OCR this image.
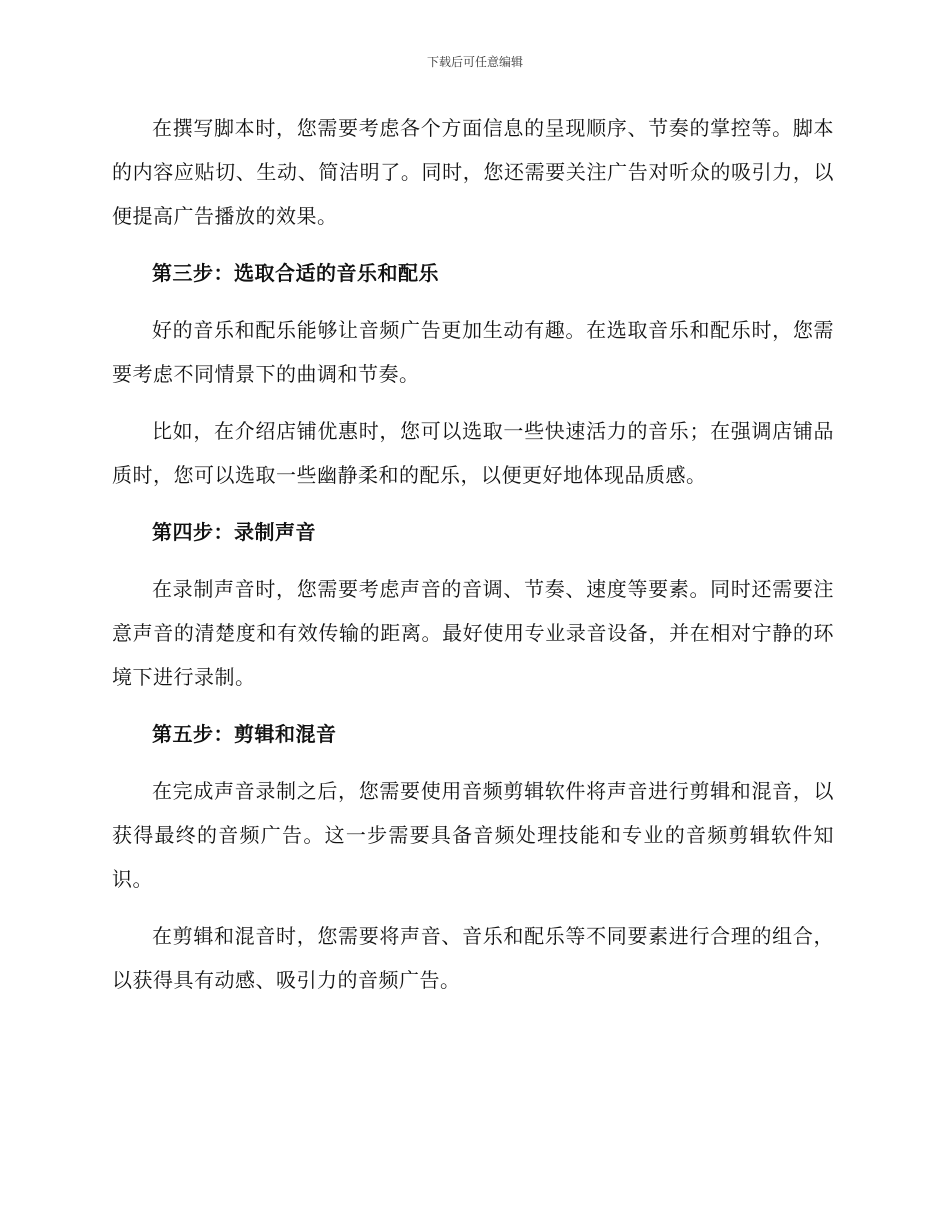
下载后可任意编辑

在撰写脚本时，您需要考虑各个方面信息的呈现顺序、节奏的掌控等。脚本的内容应贴切、生动、简洁明了。同时，您还需要关注广告对听众的吸引力，以便提高广告播放的效果。

第三步：选取合适的音乐和配乐

好的音乐和配乐能够让音频广告更加生动有趣。在选取音乐和配乐时，您需要考虑不同情景下的曲调和节奏。

比如，在介绍店铺优惠时，您可以选取一些快速活力的音乐；在强调店铺品质时，您可以选取一些幽静柔和的配乐，以便更好地体现品质感。

第四步：录制声音

在录制声音时，您需要考虑声音的音调、节奏、速度等要素。同时还需要注意声音的清楚度和有效传输的距离。最好使用专业录音设备，并在相对宁静的环境下进行录制。

第五步：剪辑和混音

在完成声音录制之后，您需要使用音频剪辑软件将声音进行剪辑和混音，以获得最终的音频广告。这一步需要具备音频处理技能和专业的音频剪辑软件知识。

在剪辑和混音时，您需要将声音、音乐和配乐等不同要素进行合理的组合，以获得具有动感、吸引力的音频广告。
